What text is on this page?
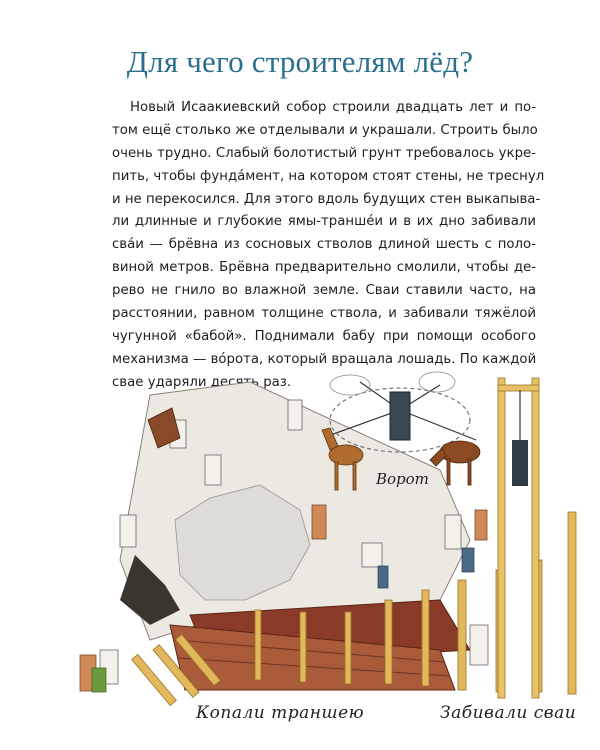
Для чего строителям лёд?
Новый Исаакиевский собор строили двадцать лет и по-
том ещё столько же отделывали и украшали. Строить было
очень трудно. Слабый болотистый грунт требовалось укре-
пить, чтобы фунда́мент, на котором стоят стены, не треснул
и не перекосился. Для этого вдоль будущих стен выкапыва-
ли длинные и глубокие ямы-транше́и и в их дно забивали
сва́и — брёвна из сосновых стволов длиной шесть с поло-
виной метров. Брёвна предварительно смолили, чтобы де-
рево не гнило во влажной земле. Сваи ставили часто, на
расстоянии, равном толщине ствола, и забивали тяжёлой
чугунной «бабой». Поднимали бабу при помощи особого
механизма — во́рота, который вращала лошадь. По каждой
свае ударяли десять раз.
Ворот
Копали траншею	Забивали сваи
